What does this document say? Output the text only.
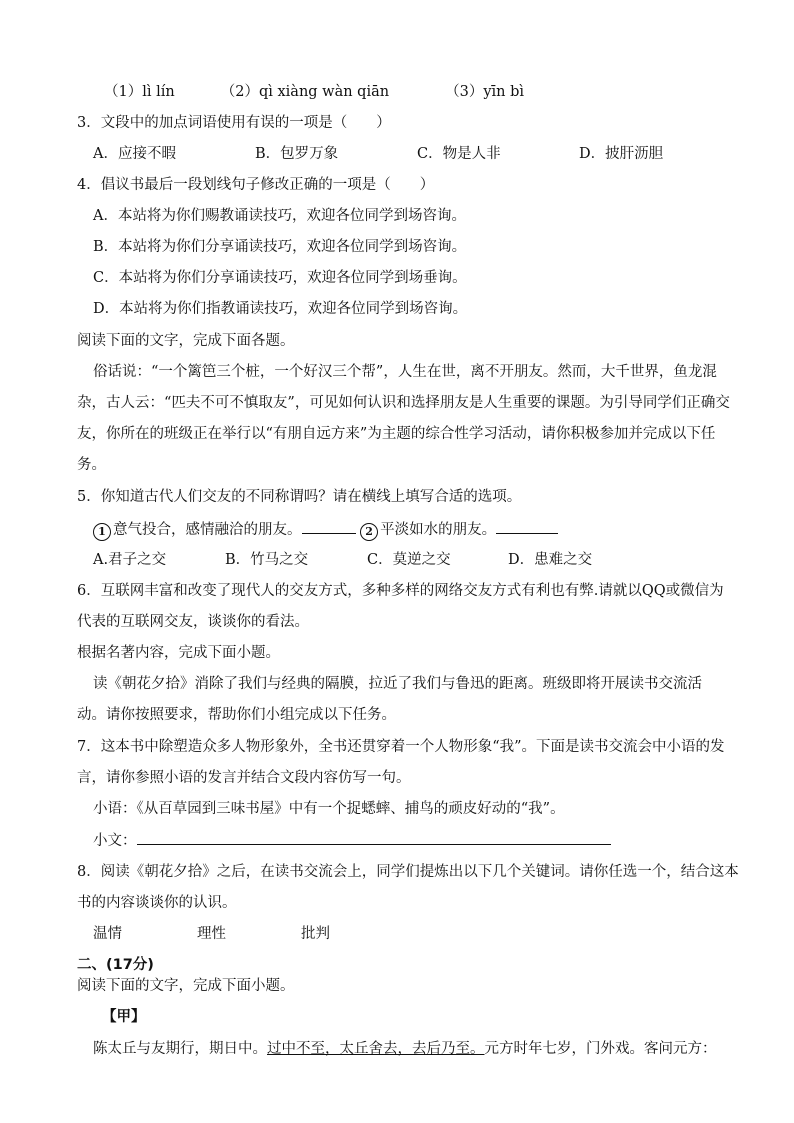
（1）lì lín	（2）qì xiàng wàn qiān	（3）yīn bì
3．文段中的加点词语使用有误的一项是（　　）
A．应接不暇	B．包罗万象	C．物是人非	D．披肝沥胆
4．倡议书最后一段划线句子修改正确的一项是（　　）
A．本站将为你们赐教诵读技巧，欢迎各位同学到场咨询。
B．本站将为你们分享诵读技巧，欢迎各位同学到场咨询。
C．本站将为你们分享诵读技巧，欢迎各位同学到场垂询。
D．本站将为你们指教诵读技巧，欢迎各位同学到场咨询。
阅读下面的文字，完成下面各题。
俗话说：“一个篱笆三个桩，一个好汉三个帮”，人生在世，离不开朋友。然而，大千世界，鱼龙混
杂，古人云：“匹夫不可不慎取友”，可见如何认识和选择朋友是人生重要的课题。为引导同学们正确交
友，你所在的班级正在举行以“有朋自远方来”为主题的综合性学习活动，请你积极参加并完成以下任
务。
5．你知道古代人们交友的不同称谓吗？请在横线上填写合适的选项。
1 意气投合，感情融洽的朋友。	2 平淡如水的朋友。
A.君子之交	B．竹马之交	C．莫逆之交	D．患难之交
6．互联网丰富和改变了现代人的交友方式，多种多样的网络交友方式有利也有弊.请就以QQ或微信为
代表的互联网交友，谈谈你的看法。
根据名著内容，完成下面小题。
读《朝花夕拾》消除了我们与经典的隔膜，拉近了我们与鲁迅的距离。班级即将开展读书交流活
动。请你按照要求，帮助你们小组完成以下任务。
7．这本书中除塑造众多人物形象外，全书还贯穿着一个人物形象“我”。下面是读书交流会中小语的发
言，请你参照小语的发言并结合文段内容仿写一句。
小语：《从百草园到三味书屋》中有一个捉蟋蟀、捕鸟的顽皮好动的“我”。
小文：
8．阅读《朝花夕拾》之后，在读书交流会上，同学们提炼出以下几个关键词。请你任选一个，结合这本
书的内容谈谈你的认识。
温情	理性	批判
二、(17分)
阅读下面的文字，完成下面小题。
【甲】
陈太丘与友期行，期日中。过中不至，太丘舍去，去后乃至。元方时年七岁，门外戏。客问元方：
